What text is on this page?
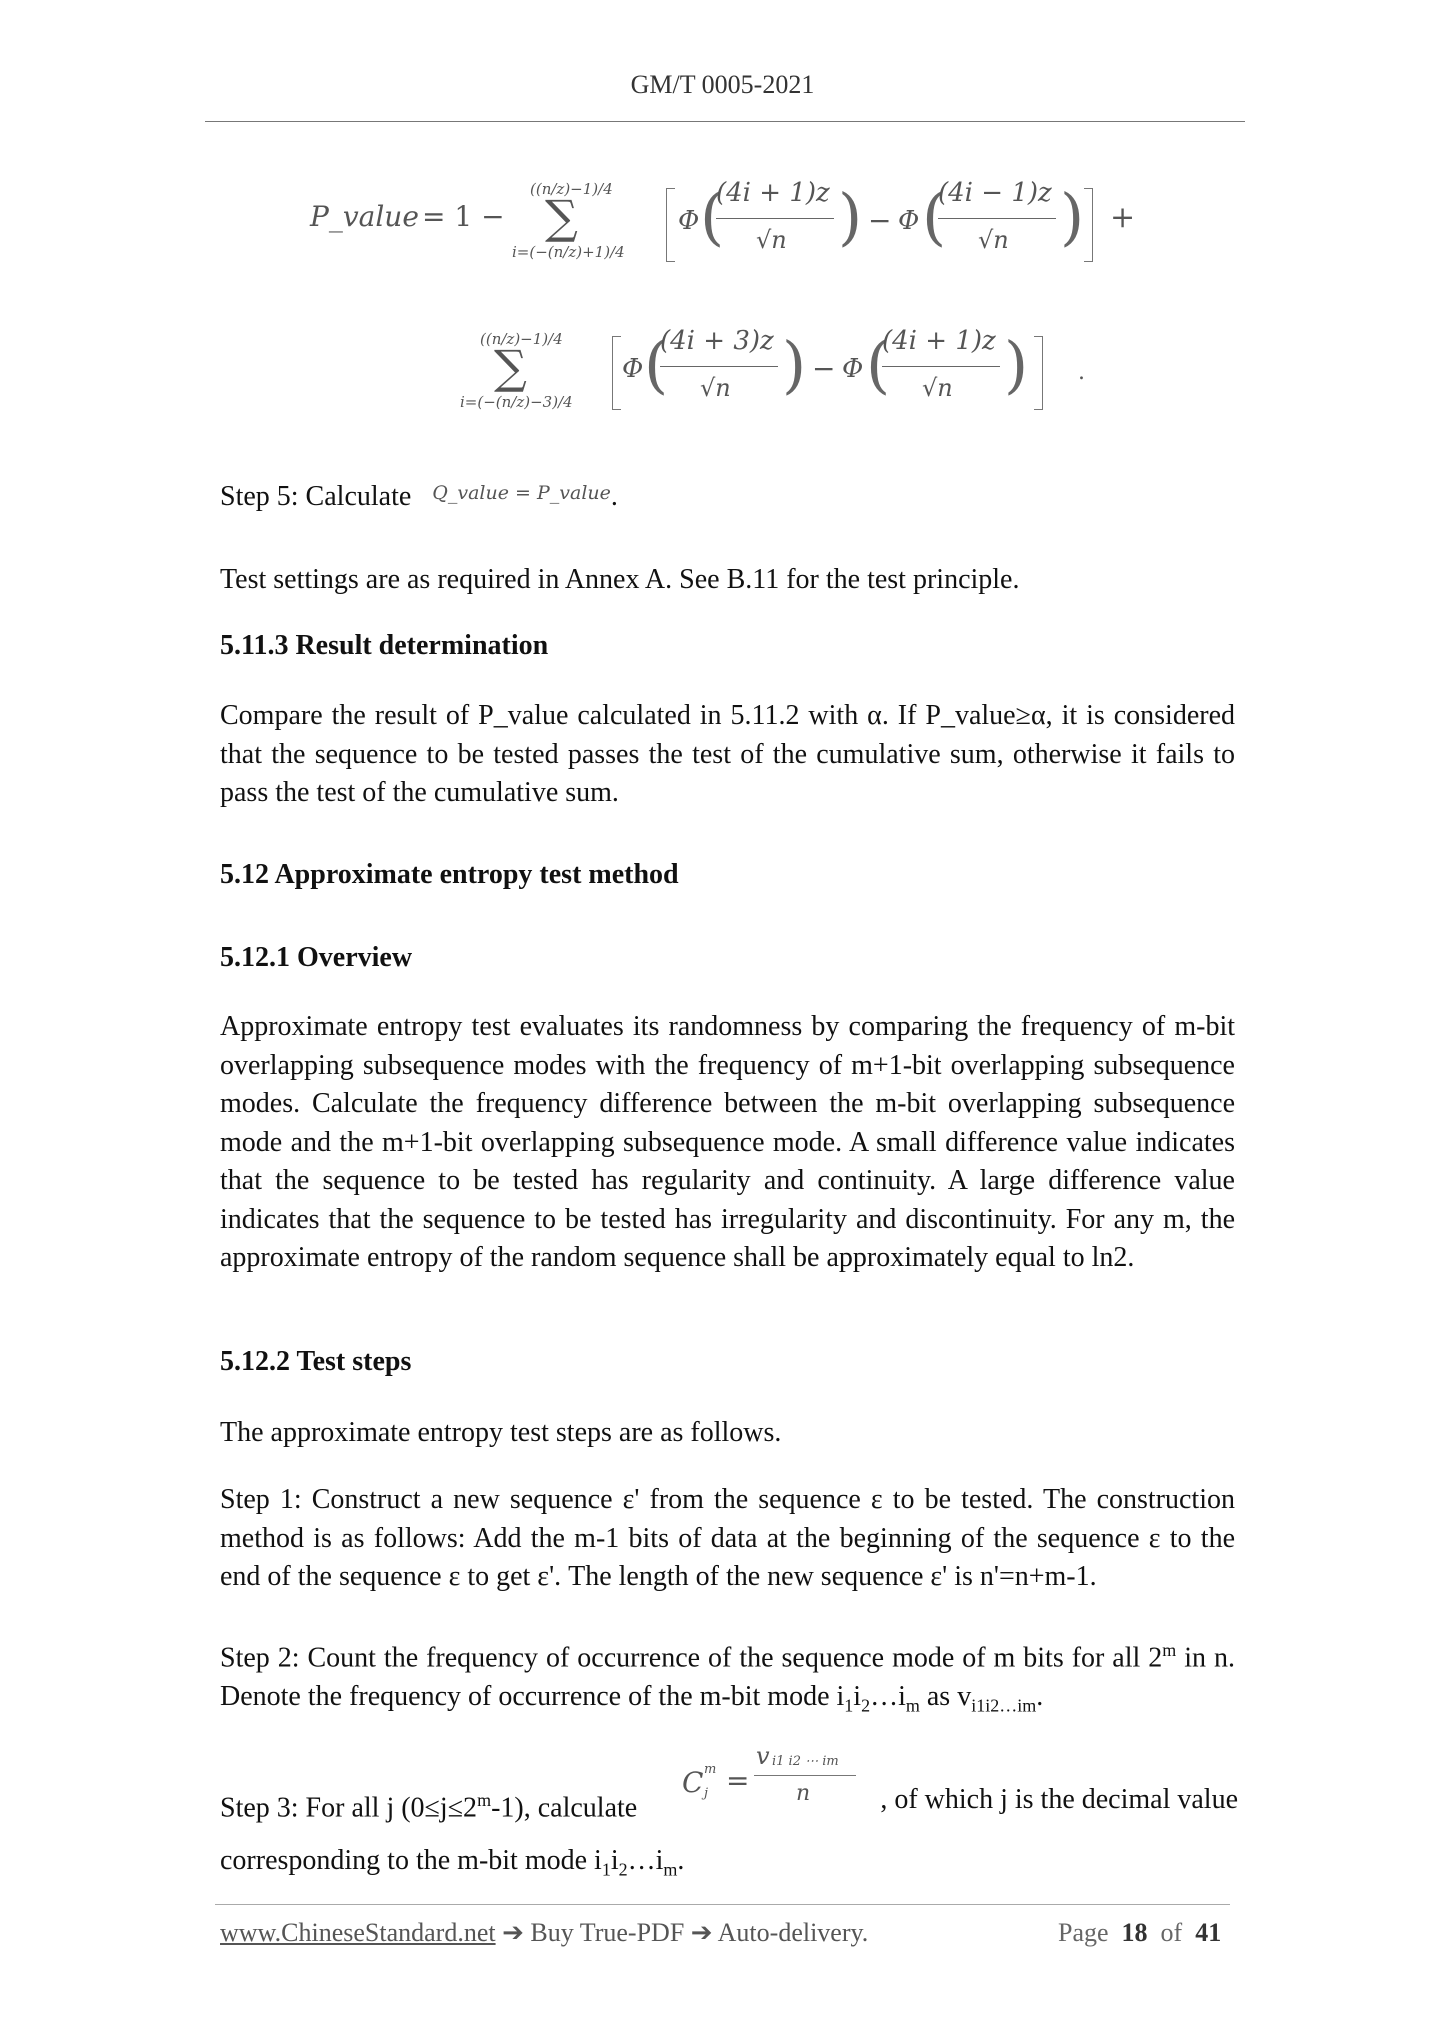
GM/T 0005-2021
P_value = 1 −
((n/z)−1)/4
∑
i=(−(n/z)+1)/4
Φ (
(4i + 1)z
√n ) − Φ (
(4i − 1)z
√n ) +
((n/z)−1)/4
∑
i=(−(n/z)−3)/4
Φ (
(4i + 3)z
√n ) − Φ (
(4i + 1)z
√n ) .
Step 5: Calculate $^{Q\_value = P\_value}$.
Test settings are as required in Annex A. See B.11 for the test principle.
5.11.3 Result determination
Compare the result of P_value calculated in 5.11.2 with α. If P_value≥α, it is considered that the sequence to be tested passes the test of the cumulative sum, otherwise it fails to pass the test of the cumulative sum.
5.12 Approximate entropy test method
5.12.1 Overview
Approximate entropy test evaluates its randomness by comparing the frequency of m-bit overlapping subsequence modes with the frequency of m+1-bit overlapping subsequence modes. Calculate the frequency difference between the m-bit overlapping subsequence mode and the m+1-bit overlapping subsequence mode. A small difference value indicates that the sequence to be tested has regularity and continuity. A large difference value indicates that the sequence to be tested has irregularity and discontinuity. For any m, the approximate entropy of the random sequence shall be approximately equal to ln2.
5.12.2 Test steps
The approximate entropy test steps are as follows.
Step 1: Construct a new sequence ε' from the sequence ε to be tested. The construction method is as follows: Add the m-1 bits of data at the beginning of the sequence ε to the end of the sequence ε to get ε'. The length of the new sequence ε' is n'=n+m-1.
Step 2: Count the frequency of occurrence of the sequence mode of m bits for all 2$^m$ in n. Denote the frequency of occurrence of the m-bit mode $i_1i_2\dots i_m$ as $v_{i1i2\dots im}$.
Step 3: For all j $(0\le j\le 2^m-1)$, calculate
C m
j =
v i1 i2 ⋯ im
n	, of which j is the decimal value
corresponding to the m-bit mode $i_1i_2\dots i_m$.
www.ChineseStandard.net ➔ Buy True-PDF ➔ Auto-delivery.	Page 18 of 41
